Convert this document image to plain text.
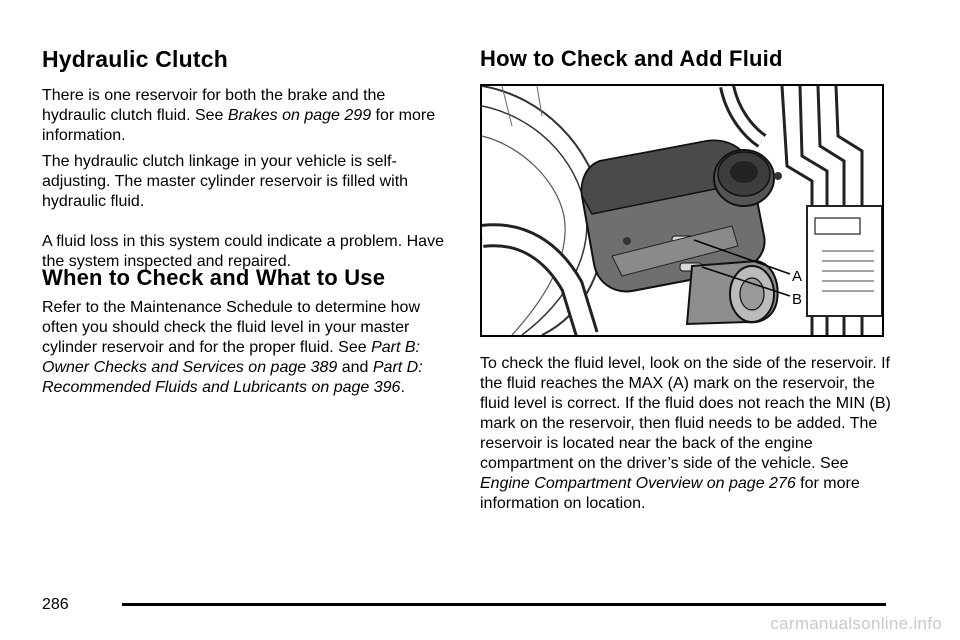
Hydraulic Clutch

There is one reservoir for both the brake and the hydraulic clutch fluid. See Brakes on page 299 for more information.

The hydraulic clutch linkage in your vehicle is self-adjusting. The master cylinder reservoir is filled with hydraulic fluid.

A fluid loss in this system could indicate a problem. Have the system inspected and repaired.

When to Check and What to Use

Refer to the Maintenance Schedule to determine how often you should check the fluid level in your master cylinder reservoir and for the proper fluid. See Part B: Owner Checks and Services on page 389 and Part D: Recommended Fluids and Lubricants on page 396.

How to Check and Add Fluid
A
B

To check the fluid level, look on the side of the reservoir. If the fluid reaches the MAX (A) mark on the reservoir, the fluid level is correct. If the fluid does not reach the MIN (B) mark on the reservoir, then fluid needs to be added. The reservoir is located near the back of the engine compartment on the driver’s side of the vehicle. See Engine Compartment Overview on page 276 for more information on location.

286
carmanualsonline.info
